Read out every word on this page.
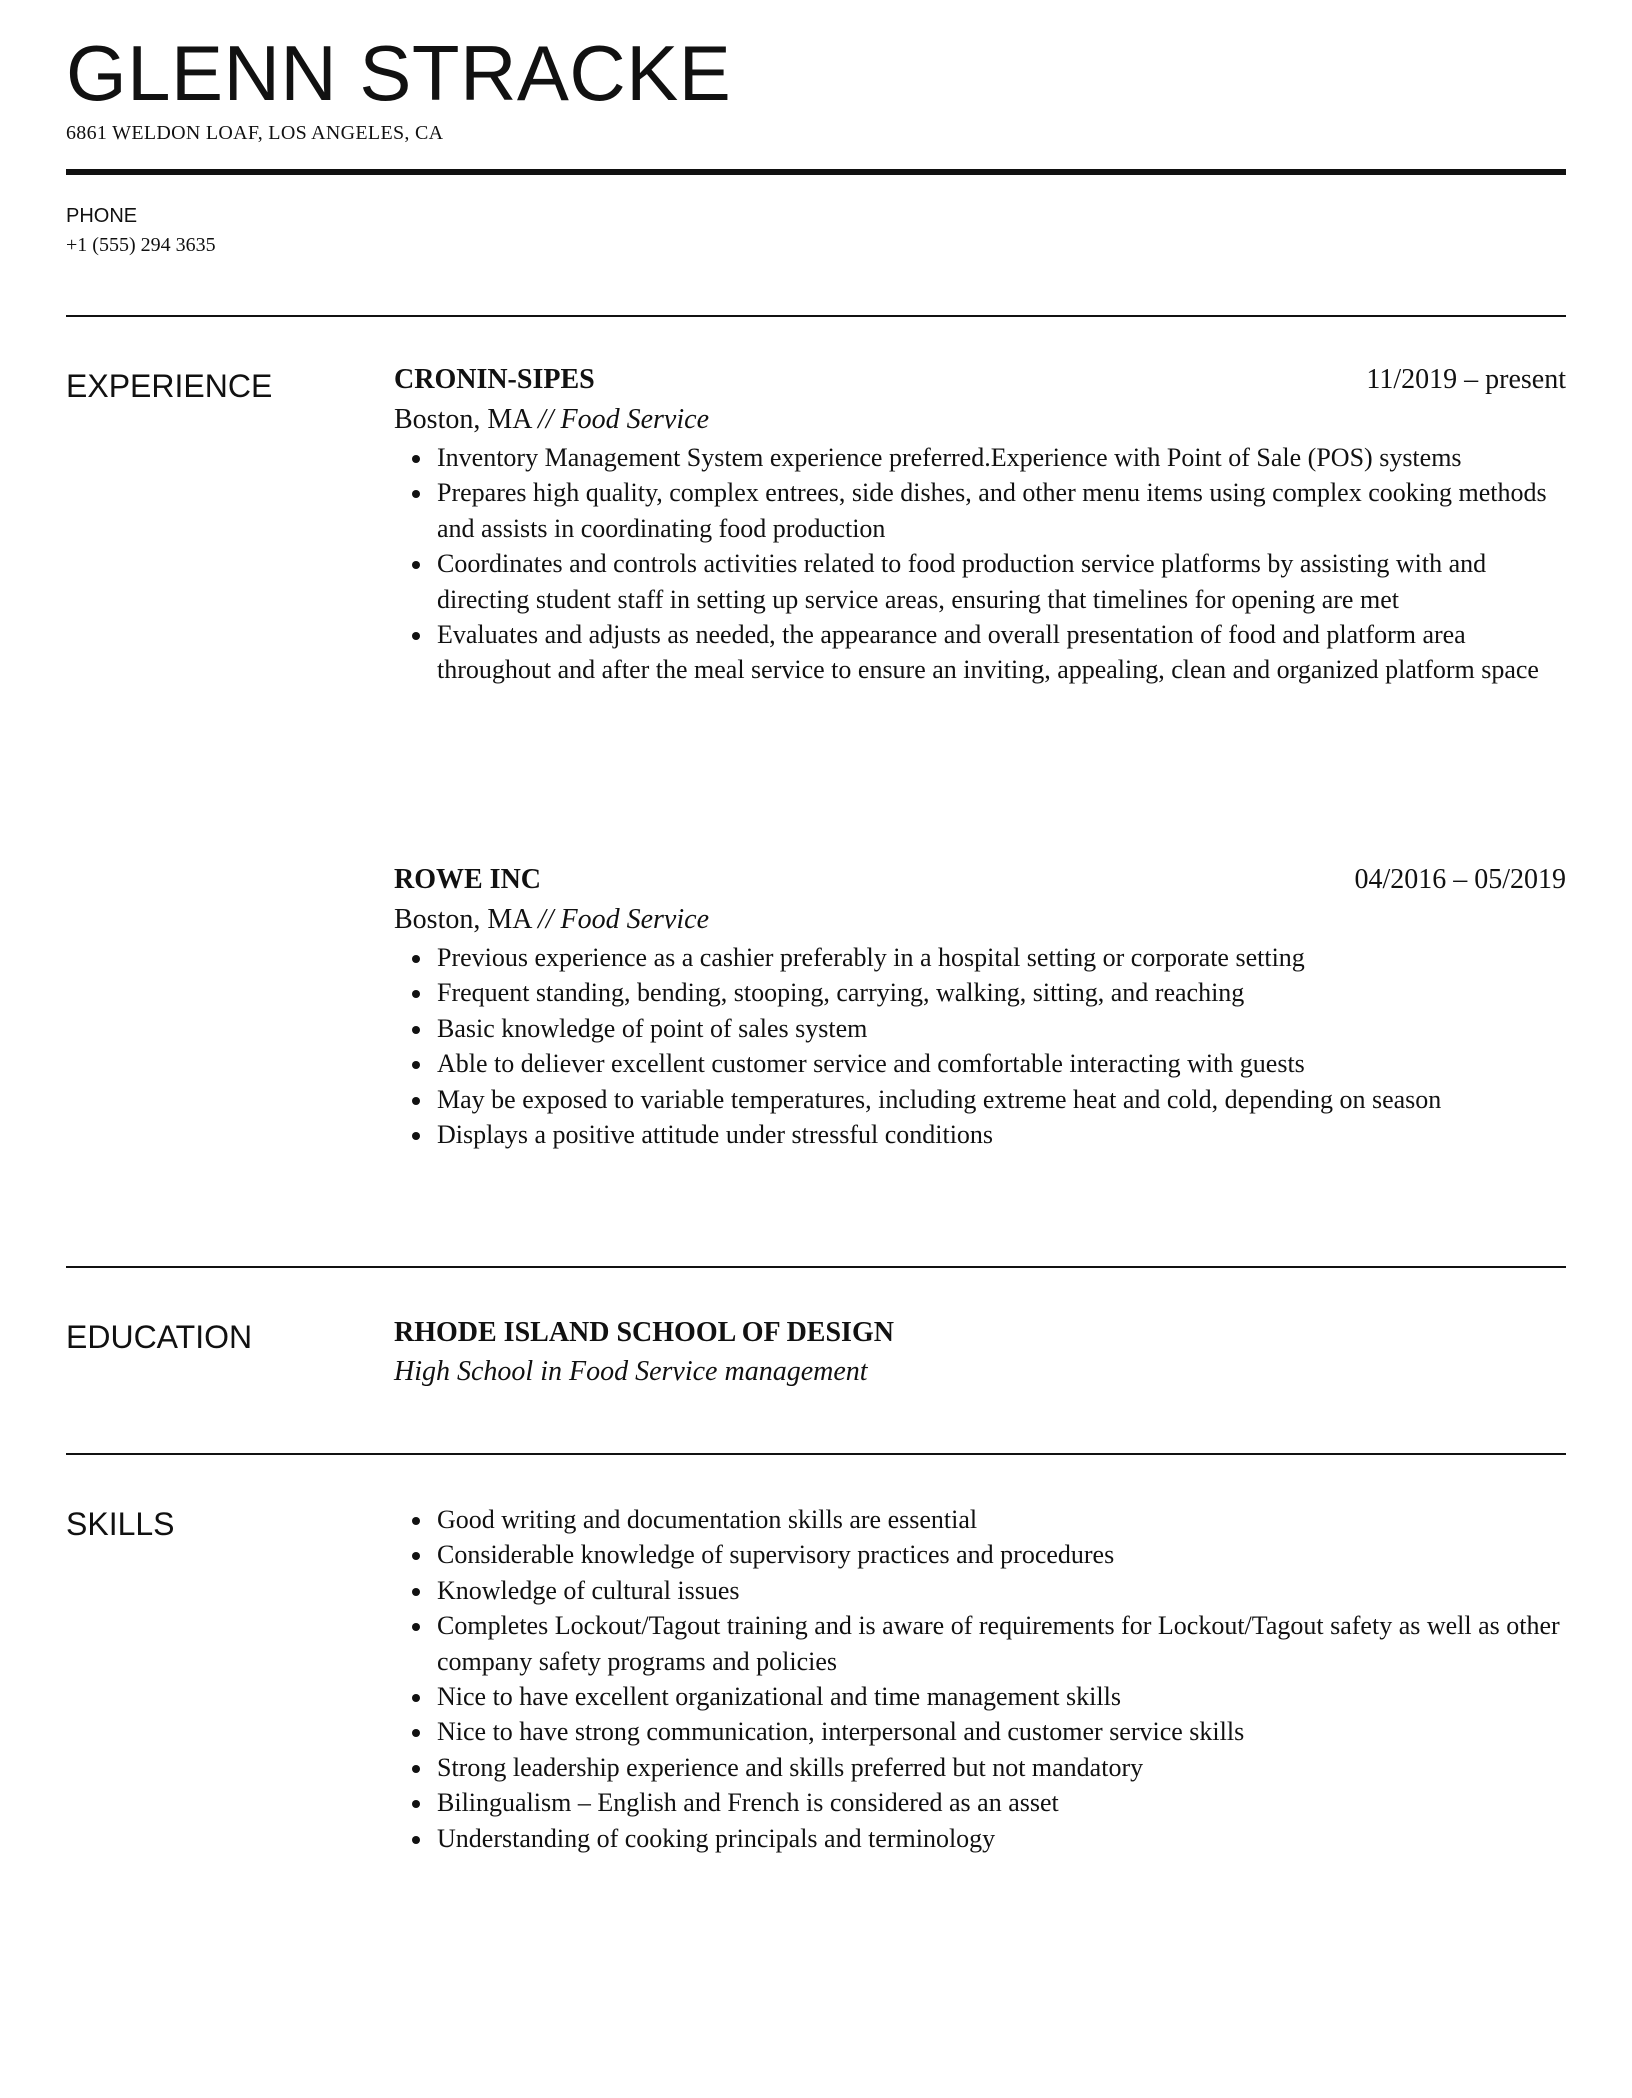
GLENN STRACKE
6861 WELDON LOAF, LOS ANGELES, CA
PHONE
+1 (555) 294 3635
EXPERIENCE	CRONIN-SIPES	11/2019 – present
Boston, MA // Food Service
Inventory Management System experience preferred.Experience with Point of Sale (POS) systems
Prepares high quality, complex entrees, side dishes, and other menu items using complex cooking methods and assists in coordinating food production
Coordinates and controls activities related to food production service platforms by assisting with and directing student staff in setting up service areas, ensuring that timelines for opening are met
Evaluates and adjusts as needed, the appearance and overall presentation of food and platform area throughout and after the meal service to ensure an inviting, appealing, clean and organized platform space
ROWE INC	04/2016 – 05/2019
Boston, MA // Food Service
Previous experience as a cashier preferably in a hospital setting or corporate setting
Frequent standing, bending, stooping, carrying, walking, sitting, and reaching
Basic knowledge of point of sales system
Able to deliever excellent customer service and comfortable interacting with guests
May be exposed to variable temperatures, including extreme heat and cold, depending on season
Displays a positive attitude under stressful conditions
EDUCATION	RHODE ISLAND SCHOOL OF DESIGN
High School in Food Service management
SKILLS	Good writing and documentation skills are essential
Considerable knowledge of supervisory practices and procedures
Knowledge of cultural issues
Completes Lockout/Tagout training and is aware of requirements for Lockout/Tagout safety as well as other company safety programs and policies
Nice to have excellent organizational and time management skills
Nice to have strong communication, interpersonal and customer service skills
Strong leadership experience and skills preferred but not mandatory
Bilingualism – English and French is considered as an asset
Understanding of cooking principals and terminology
